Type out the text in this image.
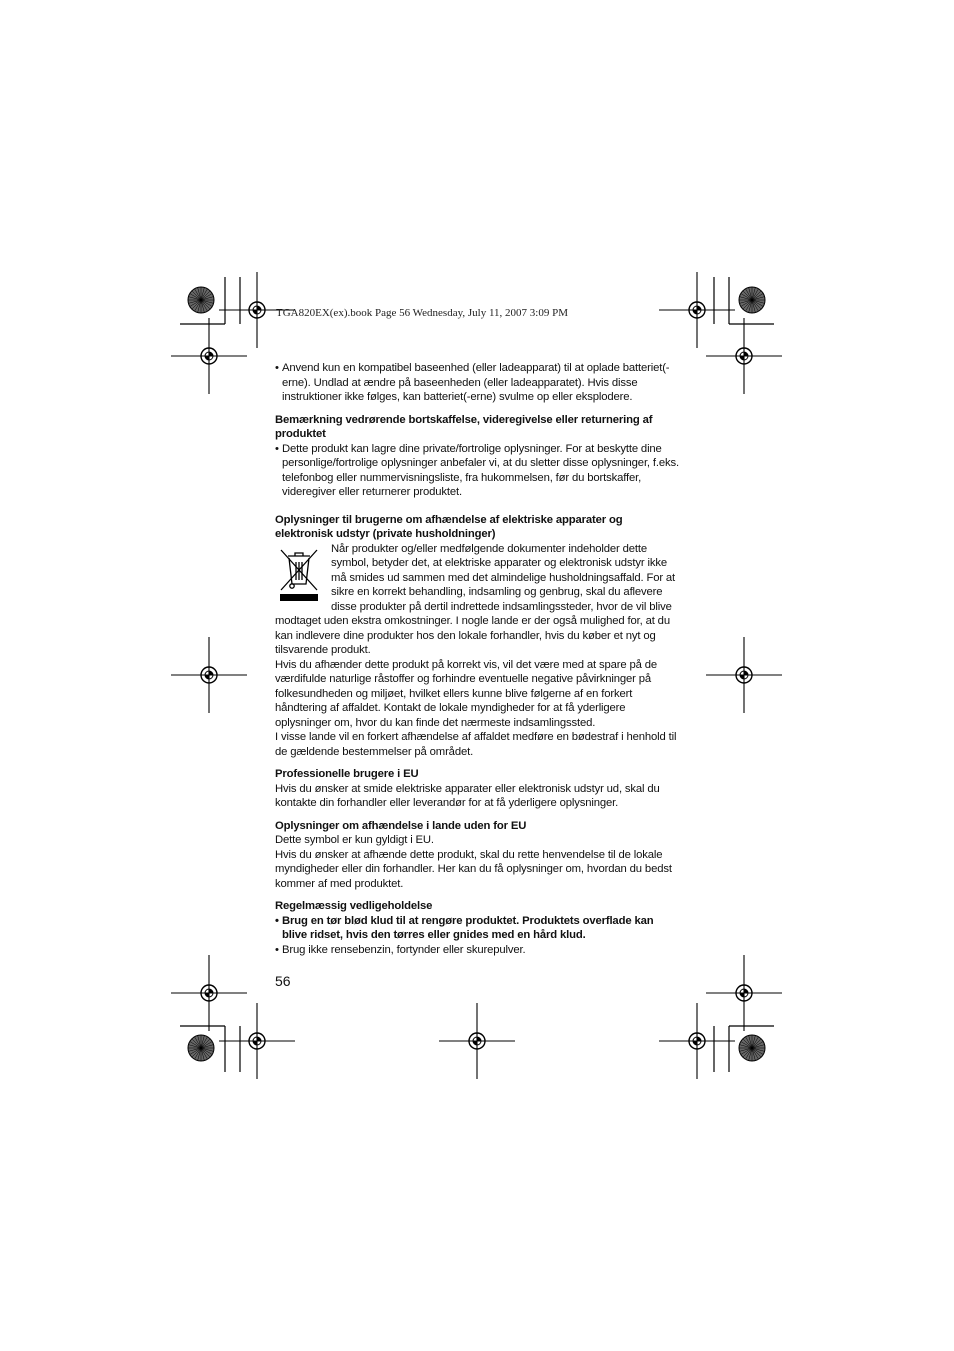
TGA820EX(ex).book Page 56 Wednesday, July 11, 2007 3:09 PM

• Anvend kun en kompatibel baseenhed (eller ladeapparat) til at oplade batteriet(-erne). Undlad at ændre på baseenheden (eller ladeapparatet). Hvis disse instruktioner ikke følges, kan batteriet(-erne) svulme op eller eksplodere.

Bemærkning vedrørende bortskaffelse, videregivelse eller returnering af produktet

• Dette produkt kan lagre dine private/fortrolige oplysninger. For at beskytte dine personlige/fortrolige oplysninger anbefaler vi, at du sletter disse oplysninger, f.eks. telefonbog eller nummervisningsliste, fra hukommelsen, før du bortskaffer, videregiver eller returnerer produktet.

Oplysninger til brugerne om afhændelse af elektriske apparater og elektronisk udstyr (private husholdninger)

Når produkter og/eller medfølgende dokumenter indeholder dette symbol, betyder det, at elektriske apparater og elektronisk udstyr ikke må smides ud sammen med det almindelige husholdningsaffald. For at sikre en korrekt behandling, indsamling og genbrug, skal du aflevere disse produkter på dertil indrettede indsamlingssteder, hvor de vil blive modtaget uden ekstra omkostninger. I nogle lande er der også mulighed for, at du kan indlevere dine produkter hos den lokale forhandler, hvis du køber et nyt og tilsvarende produkt.

Hvis du afhænder dette produkt på korrekt vis, vil det være med at spare på de værdifulde naturlige råstoffer og forhindre eventuelle negative påvirkninger på folkesundheden og miljøet, hvilket ellers kunne blive følgerne af en forkert håndtering af affaldet. Kontakt de lokale myndigheder for at få yderligere oplysninger om, hvor du kan finde det nærmeste indsamlingssted.

I visse lande vil en forkert afhændelse af affaldet medføre en bødestraf i henhold til de gældende bestemmelser på området.

Professionelle brugere i EU

Hvis du ønsker at smide elektriske apparater eller elektronisk udstyr ud, skal du kontakte din forhandler eller leverandør for at få yderligere oplysninger.

Oplysninger om afhændelse i lande uden for EU

Dette symbol er kun gyldigt i EU.

Hvis du ønsker at afhænde dette produkt, skal du rette henvendelse til de lokale myndigheder eller din forhandler. Her kan du få oplysninger om, hvordan du bedst kommer af med produktet.

Regelmæssig vedligeholdelse

• Brug en tør blød klud til at rengøre produktet. Produktets overflade kan blive ridset, hvis den tørres eller gnides med en hård klud.

• Brug ikke rensebenzin, fortynder eller skurepulver.

56
